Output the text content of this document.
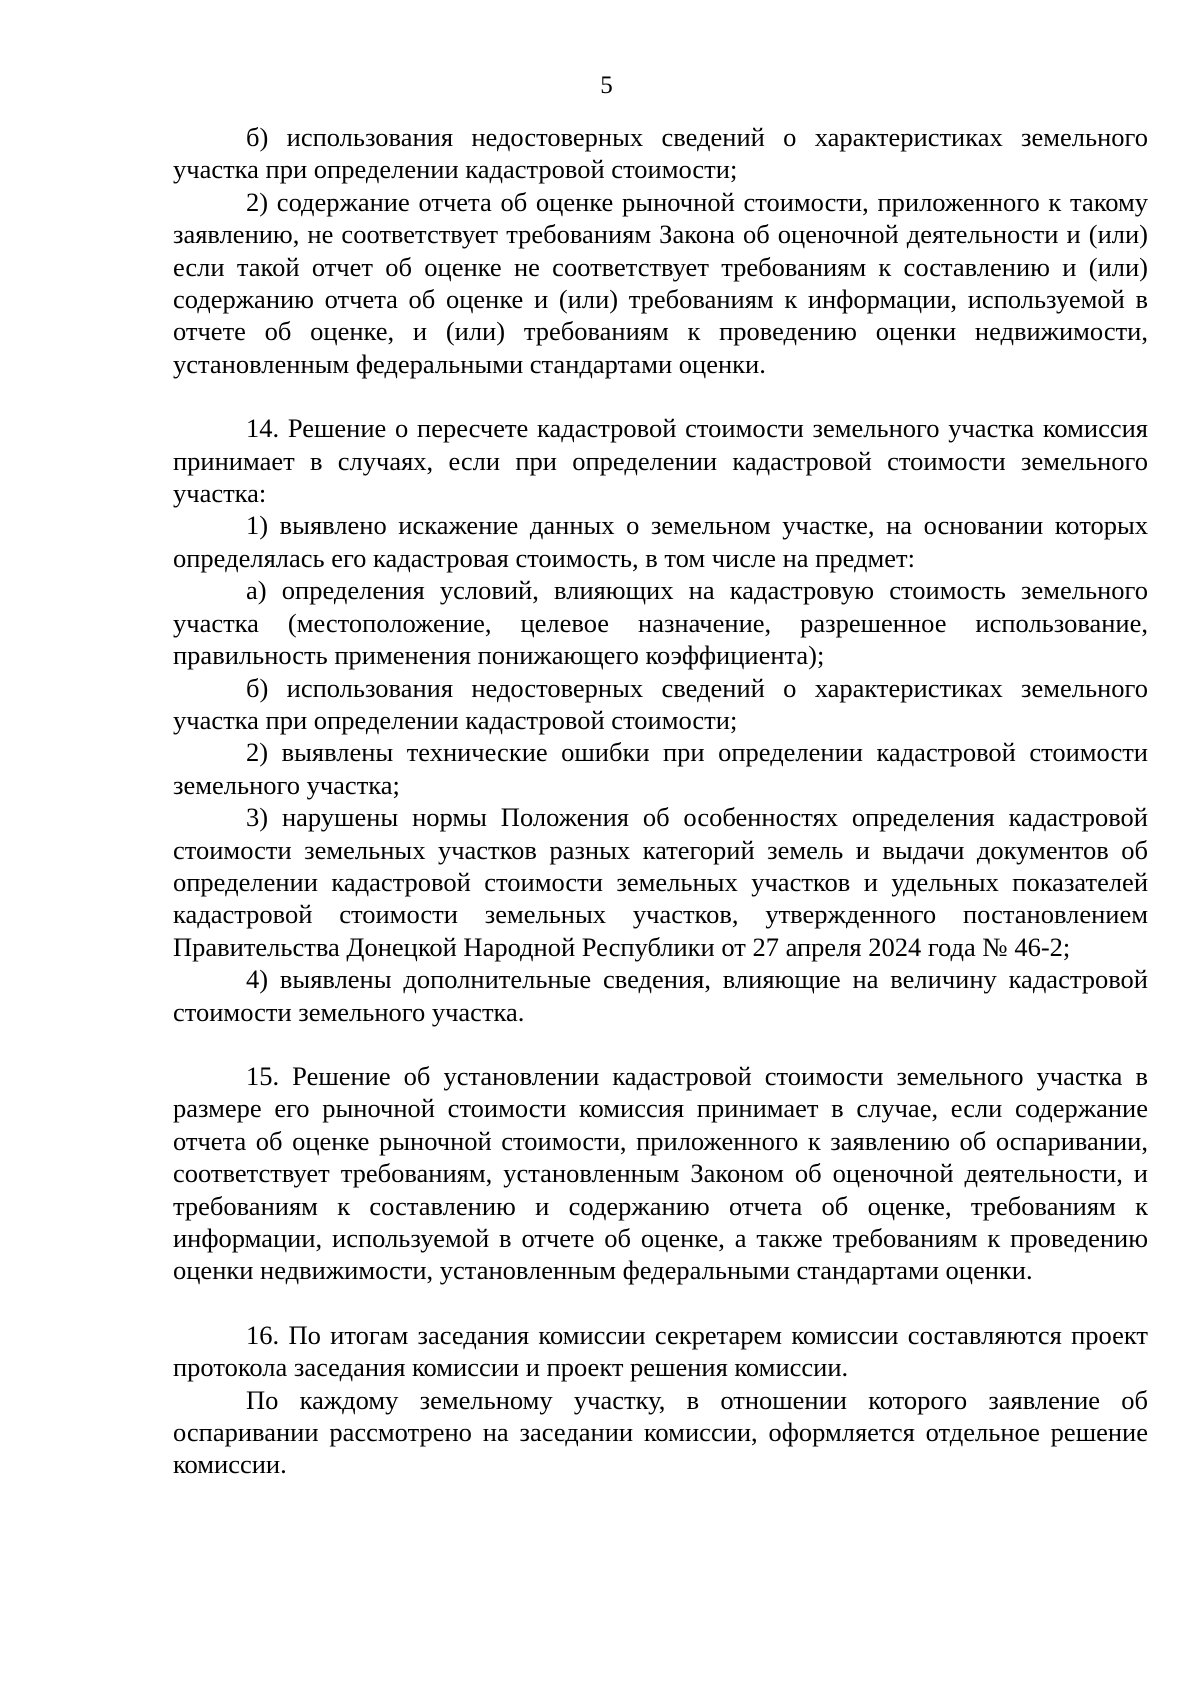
5

б) использования недостоверных сведений о характеристиках земельного участка при определении кадастровой стоимости;

2) содержание отчета об оценке рыночной стоимости, приложенного к такому заявлению, не соответствует требованиям Закона об оценочной деятельности и (или) если такой отчет об оценке не соответствует требованиям к составлению и (или) содержанию отчета об оценке и (или) требованиям к информации, используемой в отчете об оценке, и (или) требованиям к проведению оценки недвижимости, установленным федеральными стандартами оценки.

14. Решение о пересчете кадастровой стоимости земельного участка комиссия принимает в случаях, если при определении кадастровой стоимости земельного участка:

1) выявлено искажение данных о земельном участке, на основании которых определялась его кадастровая стоимость, в том числе на предмет:

а) определения условий, влияющих на кадастровую стоимость земельного участка (местоположение, целевое назначение, разрешенное использование, правильность применения понижающего коэффициента);

б) использования недостоверных сведений о характеристиках земельного участка при определении кадастровой стоимости;

2) выявлены технические ошибки при определении кадастровой стоимости земельного участка;

3) нарушены нормы Положения об особенностях определения кадастровой стоимости земельных участков разных категорий земель и выдачи документов об определении кадастровой стоимости земельных участков и удельных показателей кадастровой стоимости земельных участков, утвержденного постановлением Правительства Донецкой Народной Республики от 27 апреля 2024 года № 46-2;

4) выявлены дополнительные сведения, влияющие на величину кадастровой стоимости земельного участка.

15. Решение об установлении кадастровой стоимости земельного участка в размере его рыночной стоимости комиссия принимает в случае, если содержание отчета об оценке рыночной стоимости, приложенного к заявлению об оспаривании, соответствует требованиям, установленным Законом об оценочной деятельности, и требованиям к составлению и содержанию отчета об оценке, требованиям к информации, используемой в отчете об оценке, а также требованиям к проведению оценки недвижимости, установленным федеральными стандартами оценки.

16. По итогам заседания комиссии секретарем комиссии составляются проект протокола заседания комиссии и проект решения комиссии.

По каждому земельному участку, в отношении которого заявление об оспаривании рассмотрено на заседании комиссии, оформляется отдельное решение комиссии.
